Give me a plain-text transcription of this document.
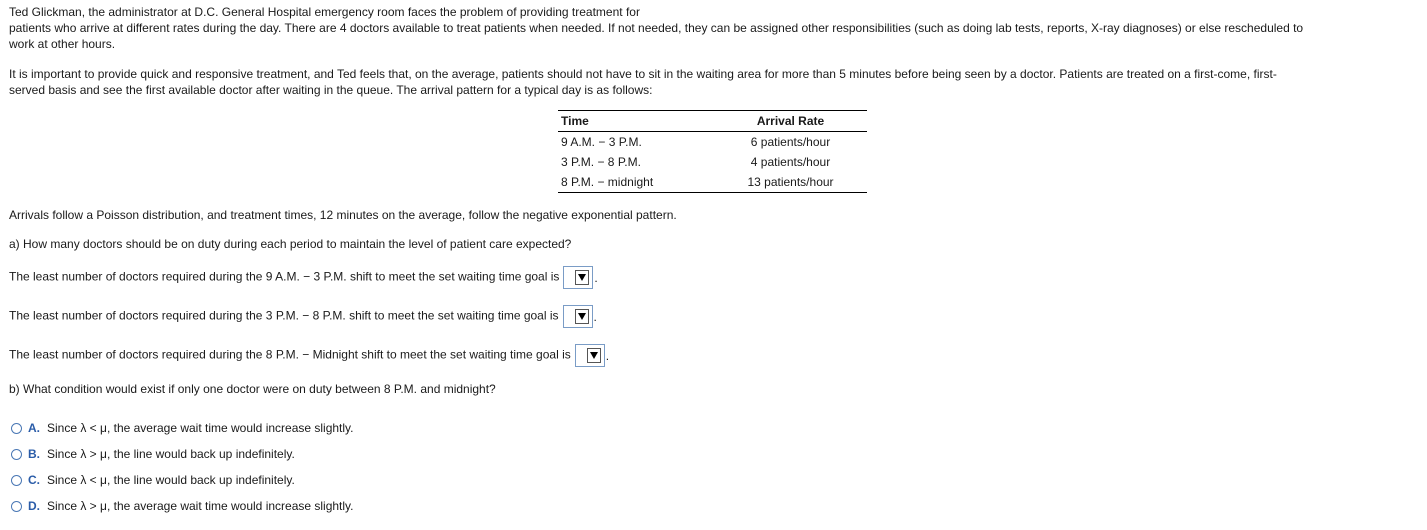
Ted Glickman, the administrator at D.C. General Hospital emergency room faces the problem of providing treatment for
patients who arrive at different rates during the day. There are 4 doctors available to treat patients when needed. If not needed, they can be assigned other responsibilities (such as doing lab tests, reports, X-ray diagnoses) or else rescheduled to
work at other hours.
It is important to provide quick and responsive treatment, and Ted feels that, on the average, patients should not have to sit in the waiting area for more than 5 minutes before being seen by a doctor. Patients are treated on a first-come, first-
served basis and see the first available doctor after waiting in the queue. The arrival pattern for a typical day is as follows:
Time	Arrival Rate
9 A.M. − 3 P.M.	6 patients/hour
3 P.M. − 8 P.M.	4 patients/hour
8 P.M. − midnight	13 patients/hour
Arrivals follow a Poisson distribution, and treatment times, 12 minutes on the average, follow the negative exponential pattern.
a) How many doctors should be on duty during each period to maintain the level of patient care expected?
The least number of doctors required during the 9 A.M. − 3 P.M. shift to meet the set waiting time goal is	.
The least number of doctors required during the 3 P.M. − 8 P.M. shift to meet the set waiting time goal is	.
The least number of doctors required during the 8 P.M. − Midnight shift to meet the set waiting time goal is	.
b) What condition would exist if only one doctor were on duty between 8 P.M. and midnight?
A. Since λ < μ, the average wait time would increase slightly.
B. Since λ > μ, the line would back up indefinitely.
C. Since λ < μ, the line would back up indefinitely.
D. Since λ > μ, the average wait time would increase slightly.
